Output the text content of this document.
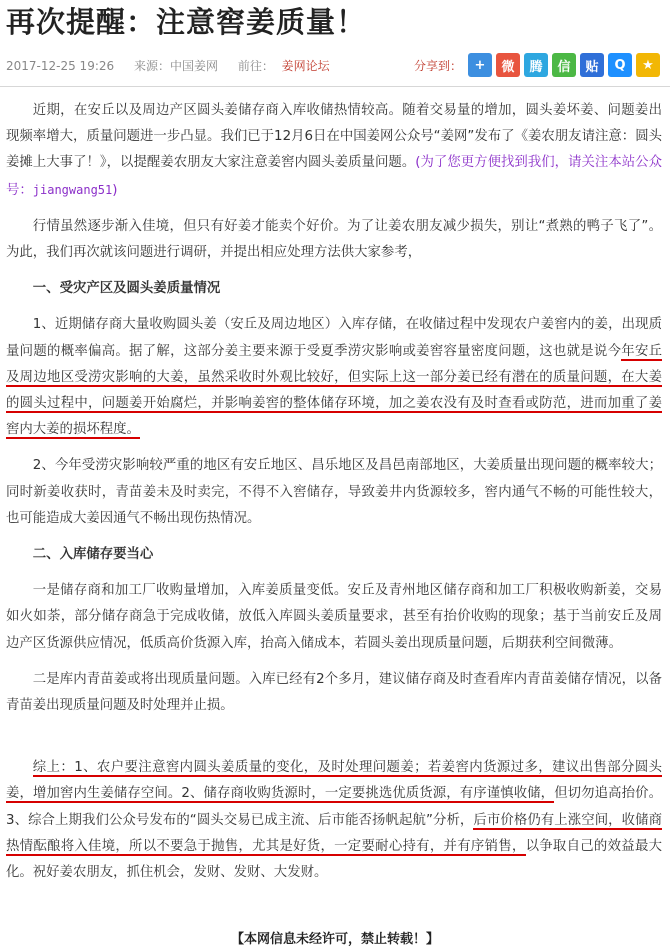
再次提醒：注意窖姜质量！
2017-12-25 19:26 来源：中国姜网 前往： 姜网论坛	分享到： +	微	腾	信	贴	Q	★

近期，在安丘以及周边产区圆头姜储存商入库收储热情较高。随着交易量的增加，圆头姜坏姜、问题姜出现频率增大，质量问题进一步凸显。我们已于12月6日在中国姜网公众号“姜网”发布了《姜农朋友请注意：圆头姜摊上大事了！》，以提醒姜农朋友大家注意姜窖内圆头姜质量问题。(为了您更方便找到我们，请关注本站公众号：jiangwang51)

行情虽然逐步渐入佳境，但只有好姜才能卖个好价。为了让姜农朋友减少损失，别让“煮熟的鸭子飞了”。为此，我们再次就该问题进行调研，并提出相应处理方法供大家参考，

一、受灾产区及圆头姜质量情况

1、近期储存商大量收购圆头姜（安丘及周边地区）入库存储，在收储过程中发现农户姜窖内的姜，出现质量问题的概率偏高。据了解，这部分姜主要来源于受夏季涝灾影响或姜窖容量密度问题，这也就是说今年安丘及周边地区受涝灾影响的大姜，虽然采收时外观比较好，但实际上这一部分姜已经有潜在的质量问题，在大姜的圆头过程中，问题姜开始腐烂，并影响姜窖的整体储存环境，加之姜农没有及时查看或防范，进而加重了姜窖内大姜的损坏程度。

2、今年受涝灾影响较严重的地区有安丘地区、昌乐地区及昌邑南部地区，大姜质量出现问题的概率较大；同时新姜收获时，青苗姜未及时卖完，不得不入窖储存，导致姜井内货源较多，窖内通气不畅的可能性较大，也可能造成大姜因通气不畅出现伤热情况。

二、入库储存要当心

一是储存商和加工厂收购量增加，入库姜质量变低。安丘及青州地区储存商和加工厂积极收购新姜，交易如火如荼，部分储存商急于完成收储，放低入库圆头姜质量要求，甚至有抬价收购的现象；基于当前安丘及周边产区货源供应情况，低质高价货源入库，抬高入储成本，若圆头姜出现质量问题，后期获利空间微薄。

二是库内青苗姜或将出现质量问题。入库已经有2个多月，建议储存商及时查看库内青苗姜储存情况，以备青苗姜出现质量问题及时处理并止损。

综上：1、农户要注意窖内圆头姜质量的变化，及时处理问题姜；若姜窖内货源过多，建议出售部分圆头姜，增加窖内生姜储存空间。2、储存商收购货源时，一定要挑选优质货源，有序谨慎收储，但切勿追高抬价。3、综合上期我们公众号发布的“圆头交易已成主流、后市能否扬帆起航”分析，后市价格仍有上涨空间，收储商热情酝酿将入佳境，所以不要急于抛售，尤其是好货，一定要耐心持有，并有序销售，以争取自己的效益最大化。祝好姜农朋友，抓住机会，发财、发财、大发财。

【本网信息未经许可，禁止转载！】
